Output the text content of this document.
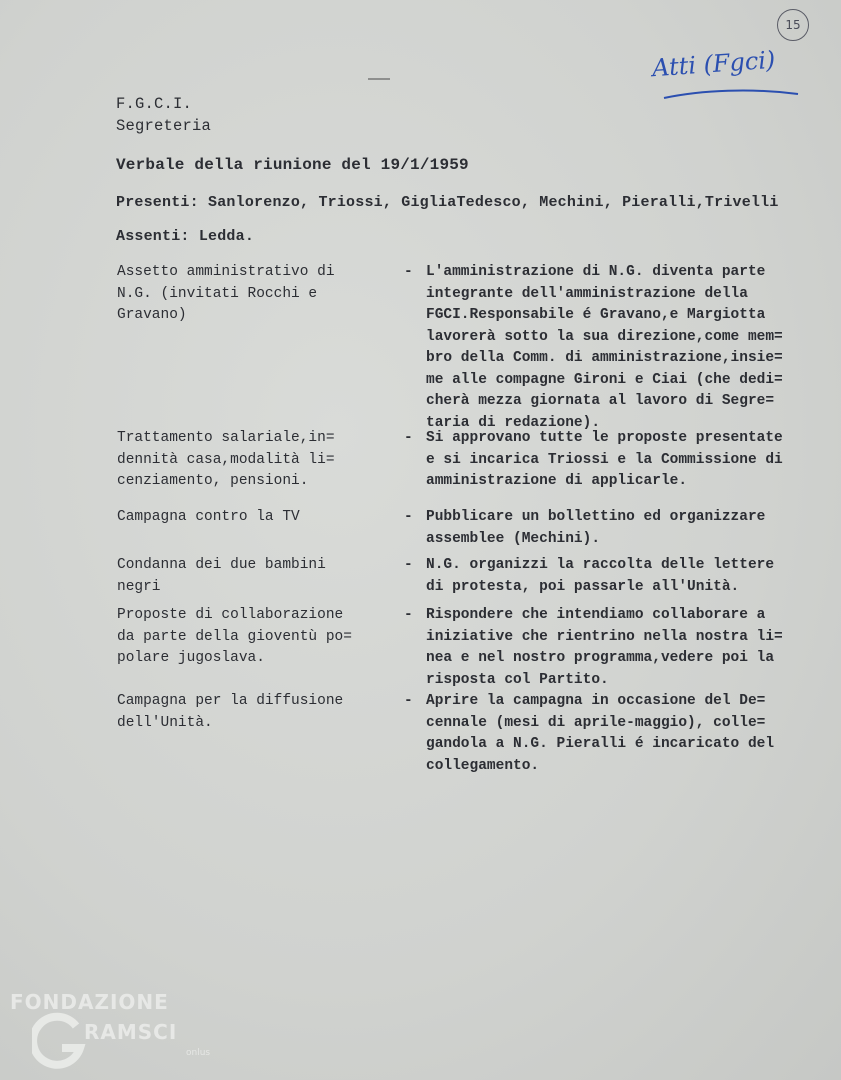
15
Atti (Fgci)
F.G.C.I.
Segreteria
Verbale della riunione del 19/1/1959
Presenti: Sanlorenzo, Triossi, GigliaTedesco, Mechini, Pieralli,Trivelli
Assenti: Ledda.
Assetto amministrativo di
N.G. (invitati Rocchi e
Gravano)
- L'amministrazione di N.G. diventa parte
integrante dell'amministrazione della
FGCI.Responsabile é Gravano,e Margiotta
lavorerà sotto la sua direzione,come mem=
bro della Comm. di amministrazione,insie=
me alle compagne Gironi e Ciai (che dedi=
cherà mezza giornata al lavoro di Segre=
taria di redazione).
Trattamento salariale,in=
dennità casa,modalità li=
cenziamento, pensioni.
- Si approvano tutte le proposte presentate
e si incarica Triossi e la Commissione di
amministrazione di applicarle.
Campagna contro la TV	- Pubblicare un bollettino ed organizzare
assemblee (Mechini).
Condanna dei due bambini
negri
- N.G. organizzi la raccolta delle lettere
di protesta, poi passarle all'Unità.
Proposte di collaborazione
da parte della gioventù po=
polare jugoslava.
- Rispondere che intendiamo collaborare a
iniziative che rientrino nella nostra li=
nea e nel nostro programma,vedere poi la
risposta col Partito.
Campagna per la diffusione
dell'Unità.
- Aprire la campagna in occasione del De=
cennale (mesi di aprile-maggio), colle=
gandola a N.G. Pieralli é incaricato del
collegamento.
FONDAZIONE
RAMSCI
onlus
